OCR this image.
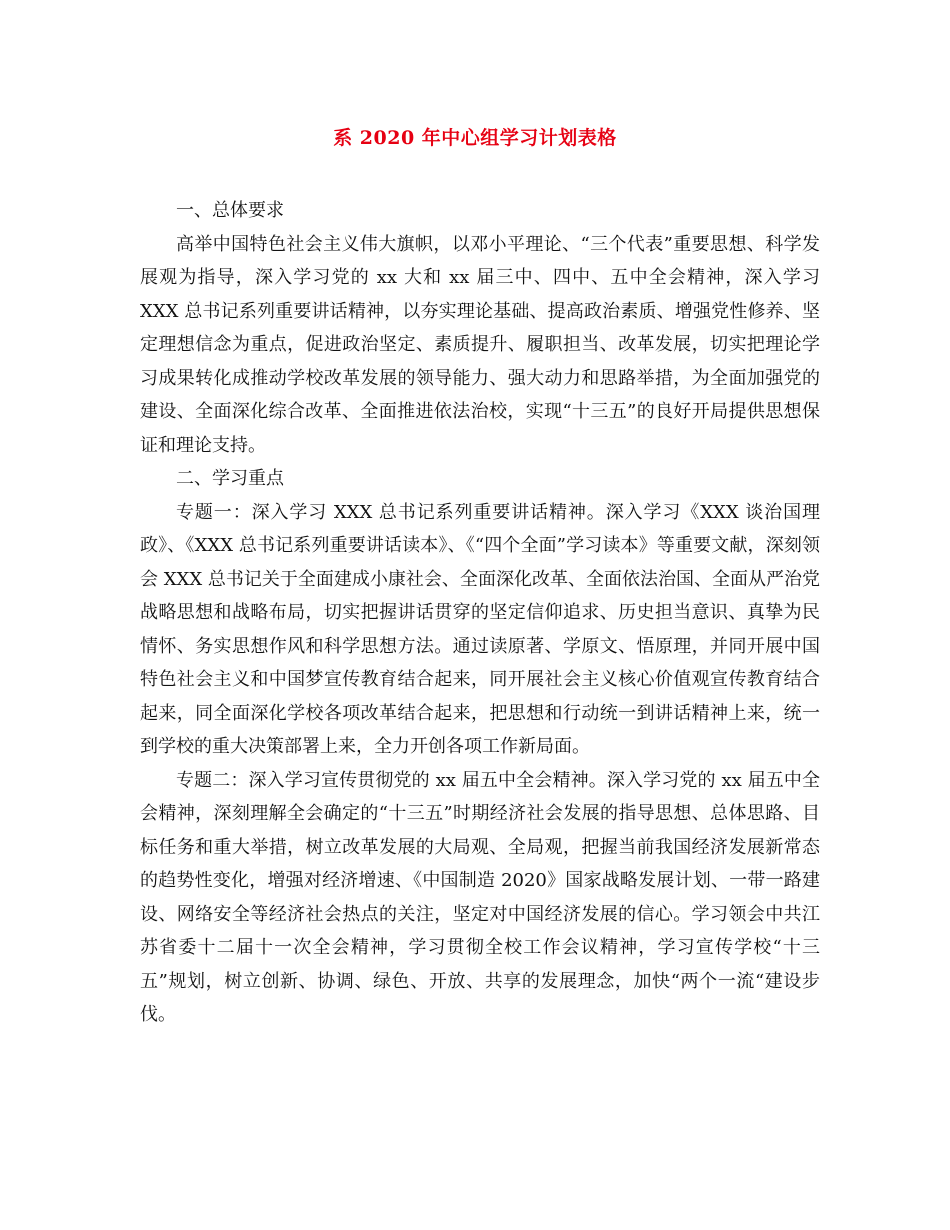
系 2020 年中心组学习计划表格

一、总体要求

高举中国特色社会主义伟大旗帜，以邓小平理论、“三个代表”重要思想、科学发展观为指导，深入学习党的 xx 大和 xx 届三中、四中、五中全会精神，深入学习 XXX 总书记系列重要讲话精神，以夯实理论基础、提高政治素质、增强党性修养、坚定理想信念为重点，促进政治坚定、素质提升、履职担当、改革发展，切实把理论学习成果转化成推动学校改革发展的领导能力、强大动力和思路举措，为全面加强党的建设、全面深化综合改革、全面推进依法治校，实现“十三五”的良好开局提供思想保证和理论支持。

二、学习重点

专题一：深入学习 XXX 总书记系列重要讲话精神。深入学习《XXX 谈治国理政》、《XXX 总书记系列重要讲话读本》、《“四个全面”学习读本》等重要文献，深刻领会 XXX 总书记关于全面建成小康社会、全面深化改革、全面依法治国、全面从严治党战略思想和战略布局，切实把握讲话贯穿的坚定信仰追求、历史担当意识、真挚为民情怀、务实思想作风和科学思想方法。通过读原著、学原文、悟原理，并同开展中国特色社会主义和中国梦宣传教育结合起来，同开展社会主义核心价值观宣传教育结合起来，同全面深化学校各项改革结合起来，把思想和行动统一到讲话精神上来，统一到学校的重大决策部署上来，全力开创各项工作新局面。

专题二：深入学习宣传贯彻党的 xx 届五中全会精神。深入学习党的 xx 届五中全会精神，深刻理解全会确定的“十三五”时期经济社会发展的指导思想、总体思路、目标任务和重大举措，树立改革发展的大局观、全局观，把握当前我国经济发展新常态的趋势性变化，增强对经济增速、《中国制造 2020》国家战略发展计划、一带一路建设、网络安全等经济社会热点的关注，坚定对中国经济发展的信心。学习领会中共江苏省委十二届十一次全会精神，学习贯彻全校工作会议精神，学习宣传学校“十三五”规划，树立创新、协调、绿色、开放、共享的发展理念，加快“两个一流“建设步伐。
